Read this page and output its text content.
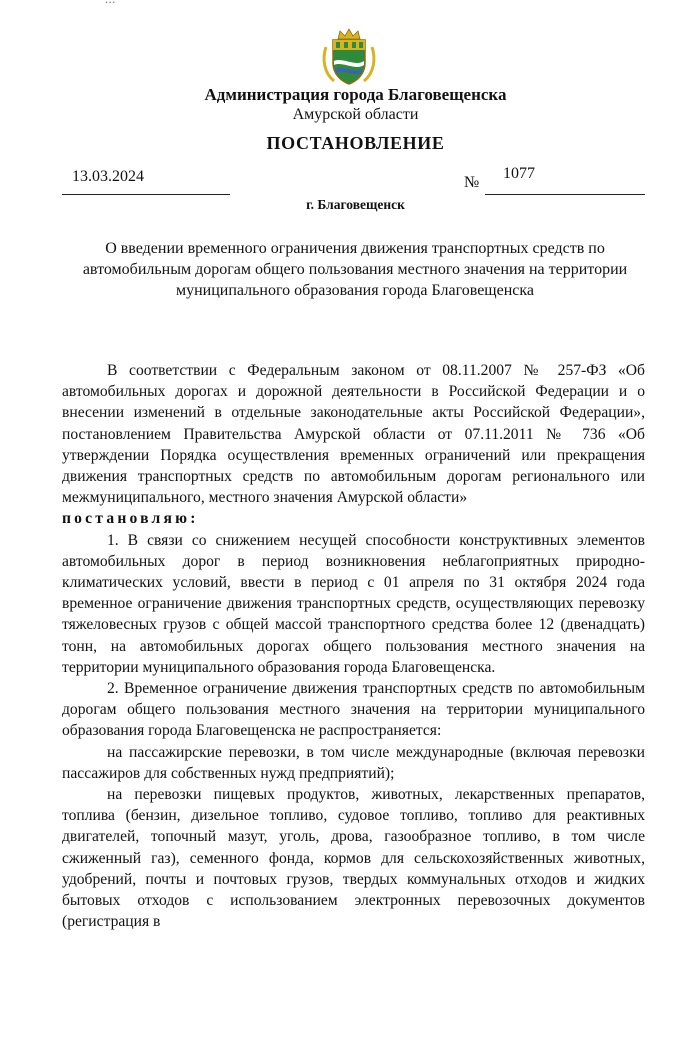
Администрация города Благовещенска
Амурской области
ПОСТАНОВЛЕНИЕ
13.03.2024	№
1077
г. Благовещенск
О введении временного ограничения движения транспортных средств по автомобильным дорогам общего пользования местного значения на территории муниципального образования города Благовещенска

В соответствии с Федеральным законом от 08.11.2007 № 257-ФЗ «Об автомобильных дорогах и дорожной деятельности в Российской Федерации и о внесении изменений в отдельные законодательные акты Российской Федерации», постановлением Правительства Амурской области от 07.11.2011 № 736 «Об утверждении Порядка осуществления временных ограничений или прекращения движения транспортных средств по автомобильным дорогам регионального или межмуниципального, местного значения Амурской области»

постановляю:

1. В связи со снижением несущей способности конструктивных элементов автомобильных дорог в период возникновения неблагоприятных природно-климатических условий, ввести в период с 01 апреля по 31 октября 2024 года временное ограничение движения транспортных средств, осуществляющих перевозку тяжеловесных грузов с общей массой транспортного средства более 12 (двенадцать) тонн, на автомобильных дорогах общего пользования местного значения на территории муниципального образования города Благовещенска.

2. Временное ограничение движения транспортных средств по автомобильным дорогам общего пользования местного значения на территории муниципального образования города Благовещенска не распространяется:

на пассажирские перевозки, в том числе международные (включая перевозки пассажиров для собственных нужд предприятий);

на перевозки пищевых продуктов, животных, лекарственных препаратов, топлива (бензин, дизельное топливо, судовое топливо, топливо для реактивных двигателей, топочный мазут, уголь, дрова, газообразное топливо, в том числе сжиженный газ), семенного фонда, кормов для сельскохозяйственных животных, удобрений, почты и почтовых грузов, твердых коммунальных отходов и жидких бытовых отходов с использованием электронных перевозочных документов (регистрация в
